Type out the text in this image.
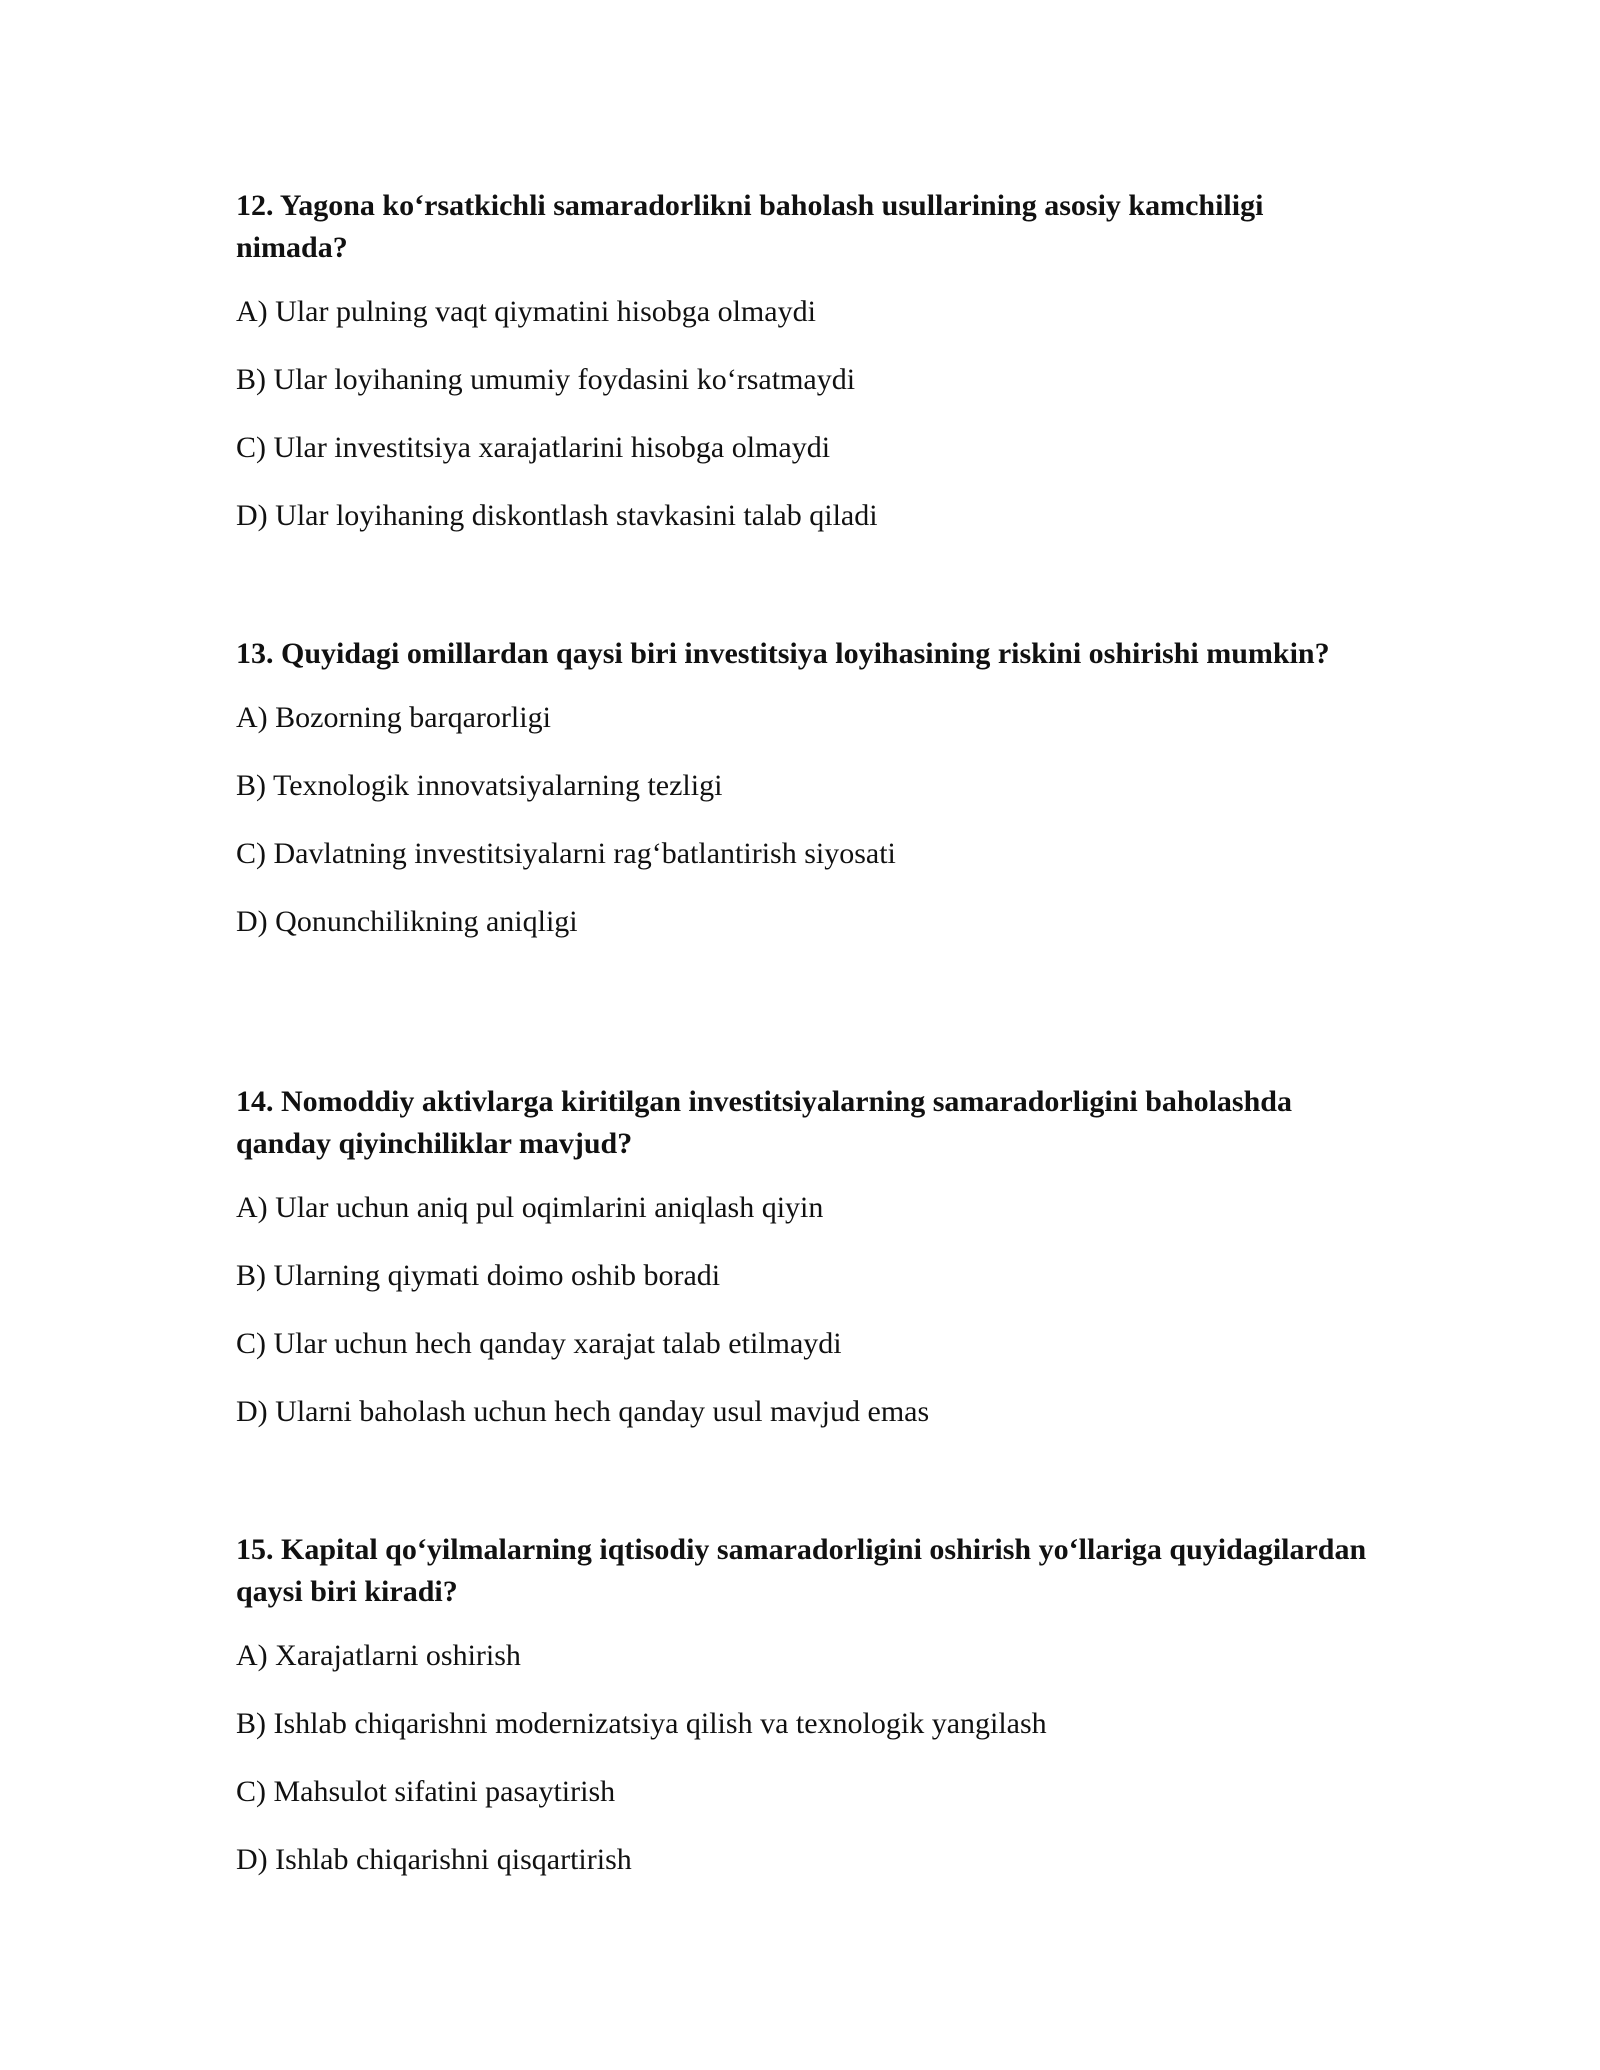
12. Yagona ko‘rsatkichli samaradorlikni baholash usullarining asosiy kamchiligi nimada?
A) Ular pulning vaqt qiymatini hisobga olmaydi
B) Ular loyihaning umumiy foydasini ko‘rsatmaydi
C) Ular investitsiya xarajatlarini hisobga olmaydi
D) Ular loyihaning diskontlash stavkasini talab qiladi
13. Quyidagi omillardan qaysi biri investitsiya loyihasining riskini oshirishi mumkin?
A) Bozorning barqarorligi
B) Texnologik innovatsiyalarning tezligi
C) Davlatning investitsiyalarni rag‘batlantirish siyosati
D) Qonunchilikning aniqligi
14. Nomoddiy aktivlarga kiritilgan investitsiyalarning samaradorligini baholashda qanday qiyinchiliklar mavjud?
A) Ular uchun aniq pul oqimlarini aniqlash qiyin
B) Ularning qiymati doimo oshib boradi
C) Ular uchun hech qanday xarajat talab etilmaydi
D) Ularni baholash uchun hech qanday usul mavjud emas
15. Kapital qo‘yilmalarning iqtisodiy samaradorligini oshirish yo‘llariga quyidagilardan qaysi biri kiradi?
A) Xarajatlarni oshirish
B) Ishlab chiqarishni modernizatsiya qilish va texnologik yangilash
C) Mahsulot sifatini pasaytirish
D) Ishlab chiqarishni qisqartirish
